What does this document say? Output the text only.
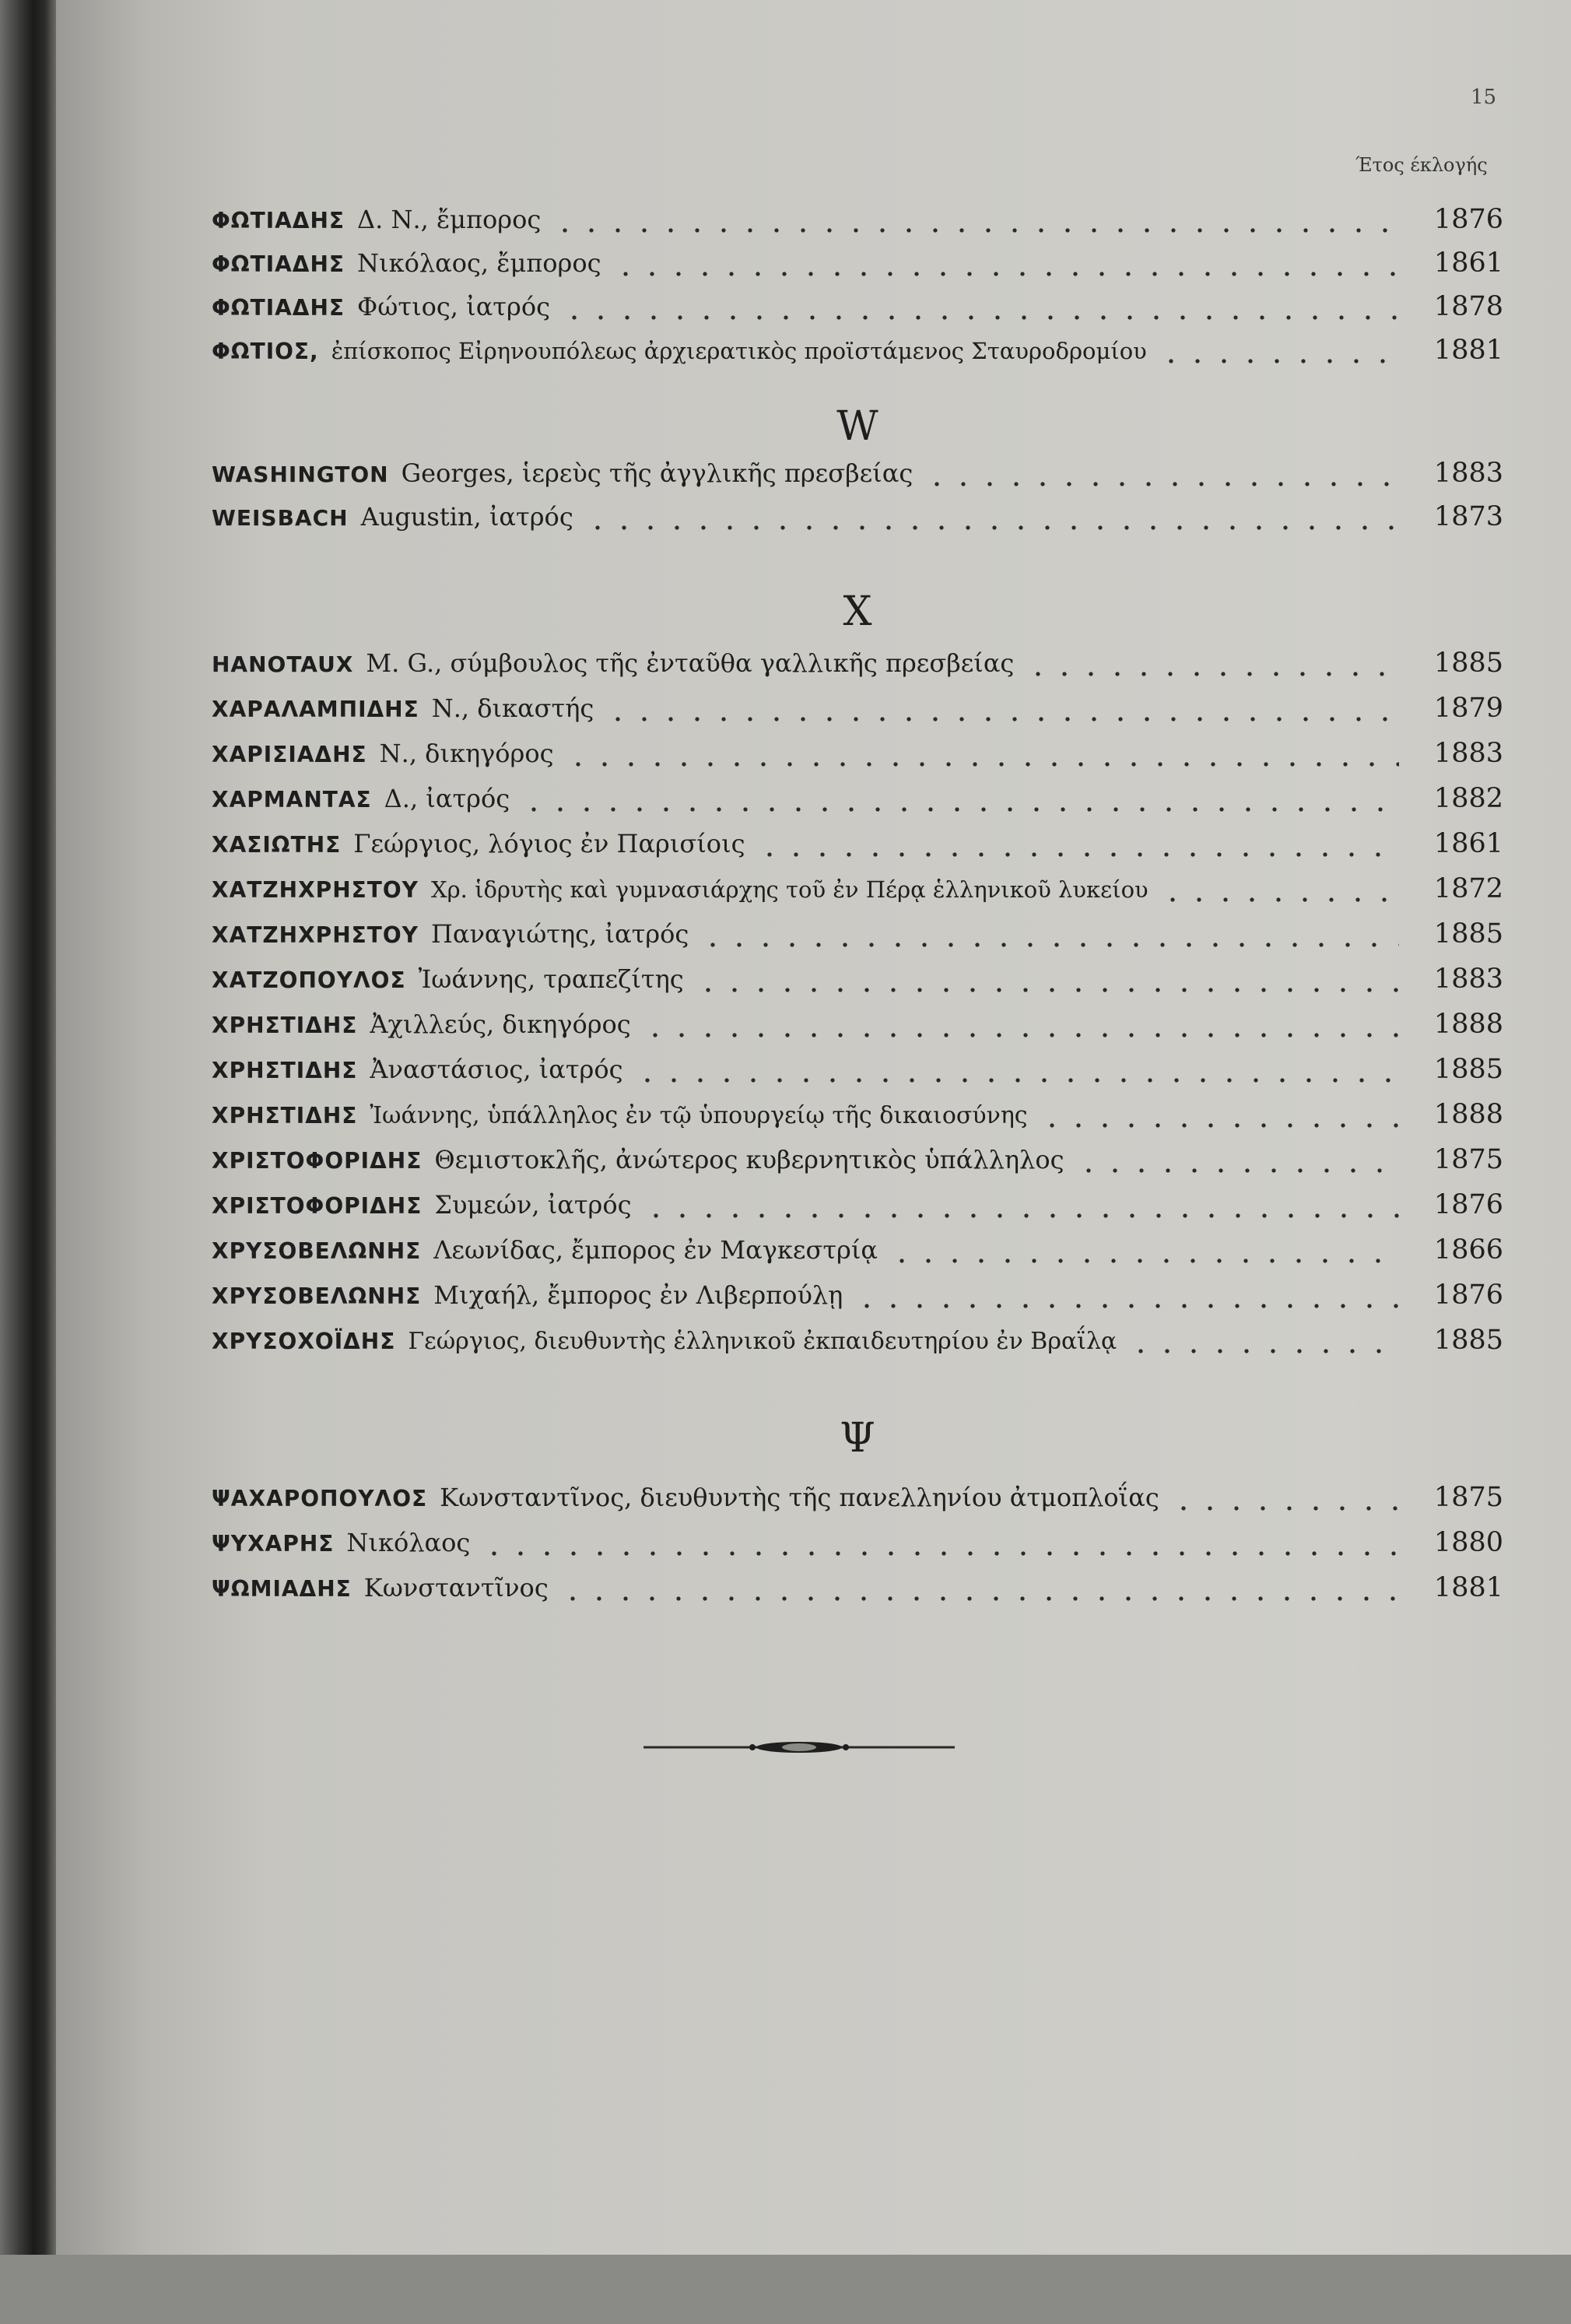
15
Έτος έκλογής
ΦΩΤΙΑΔΗΣ Δ. Ν., ἔμπορος	1876
ΦΩΤΙΑΔΗΣ Νικόλαος, ἔμπορος	1861
ΦΩΤΙΑΔΗΣ Φώτιος, ἰατρός	1878
ΦΩΤΙΟΣ, ἐπίσκοπος Εἰρηνουπόλεως ἀρχιερατικὸς προϊστάμενος Σταυροδρομίου	1881
W
WASHINGTON Georges, ἱερεὺς τῆς ἀγγλικῆς πρεσβείας	1883
WEISBACH Augustin, ἰατρός	1873
X
HANOTAUX M. G., σύμβουλος τῆς ἐνταῦθα γαλλικῆς πρεσβείας	1885
ΧΑΡΑΛΑΜΠΙΔΗΣ Ν., δικαστής	1879
ΧΑΡΙΣΙΑΔΗΣ Ν., δικηγόρος	1883
ΧΑΡΜΑΝΤΑΣ Δ., ἰατρός	1882
ΧΑΣΙΩΤΗΣ Γεώργιος, λόγιος ἐν Παρισίοις	1861
ΧΑΤΖΗΧΡΗΣΤΟΥ Χρ. ἱδρυτὴς καὶ γυμνασιάρχης τοῦ ἐν Πέρᾳ ἑλληνικοῦ λυκείου	1872
ΧΑΤΖΗΧΡΗΣΤΟΥ Παναγιώτης, ἰατρός	1885
ΧΑΤΖΟΠΟΥΛΟΣ Ἰωάννης, τραπεζίτης	1883
ΧΡΗΣΤΙΔΗΣ Ἀχιλλεύς, δικηγόρος	1888
ΧΡΗΣΤΙΔΗΣ Ἀναστάσιος, ἰατρός	1885
ΧΡΗΣΤΙΔΗΣ Ἰωάννης, ὑπάλληλος ἐν τῷ ὑπουργείῳ τῆς δικαιοσύνης	1888
ΧΡΙΣΤΟΦΟΡΙΔΗΣ Θεμιστοκλῆς, ἀνώτερος κυβερνητικὸς ὑπάλληλος	1875
ΧΡΙΣΤΟΦΟΡΙΔΗΣ Συμεών, ἰατρός	1876
ΧΡΥΣΟΒΕΛΩΝΗΣ Λεωνίδας, ἔμπορος ἐν Μαγκεστρίᾳ	1866
ΧΡΥΣΟΒΕΛΩΝΗΣ Μιχαήλ, ἔμπορος ἐν Λιβερπούλῃ	1876
ΧΡΥΣΟΧΟΪΔΗΣ Γεώργιος, διευθυντὴς ἑλληνικοῦ ἐκπαιδευτηρίου ἐν Βραΐλᾳ	1885
Ψ
ΨΑΧΑΡΟΠΟΥΛΟΣ Κωνσταντῖνος, διευθυντὴς τῆς πανελληνίου ἀτμοπλοΐας	1875
ΨΥΧΑΡΗΣ Νικόλαος	1880
ΨΩΜΙΑΔΗΣ Κωνσταντῖνος	1881
